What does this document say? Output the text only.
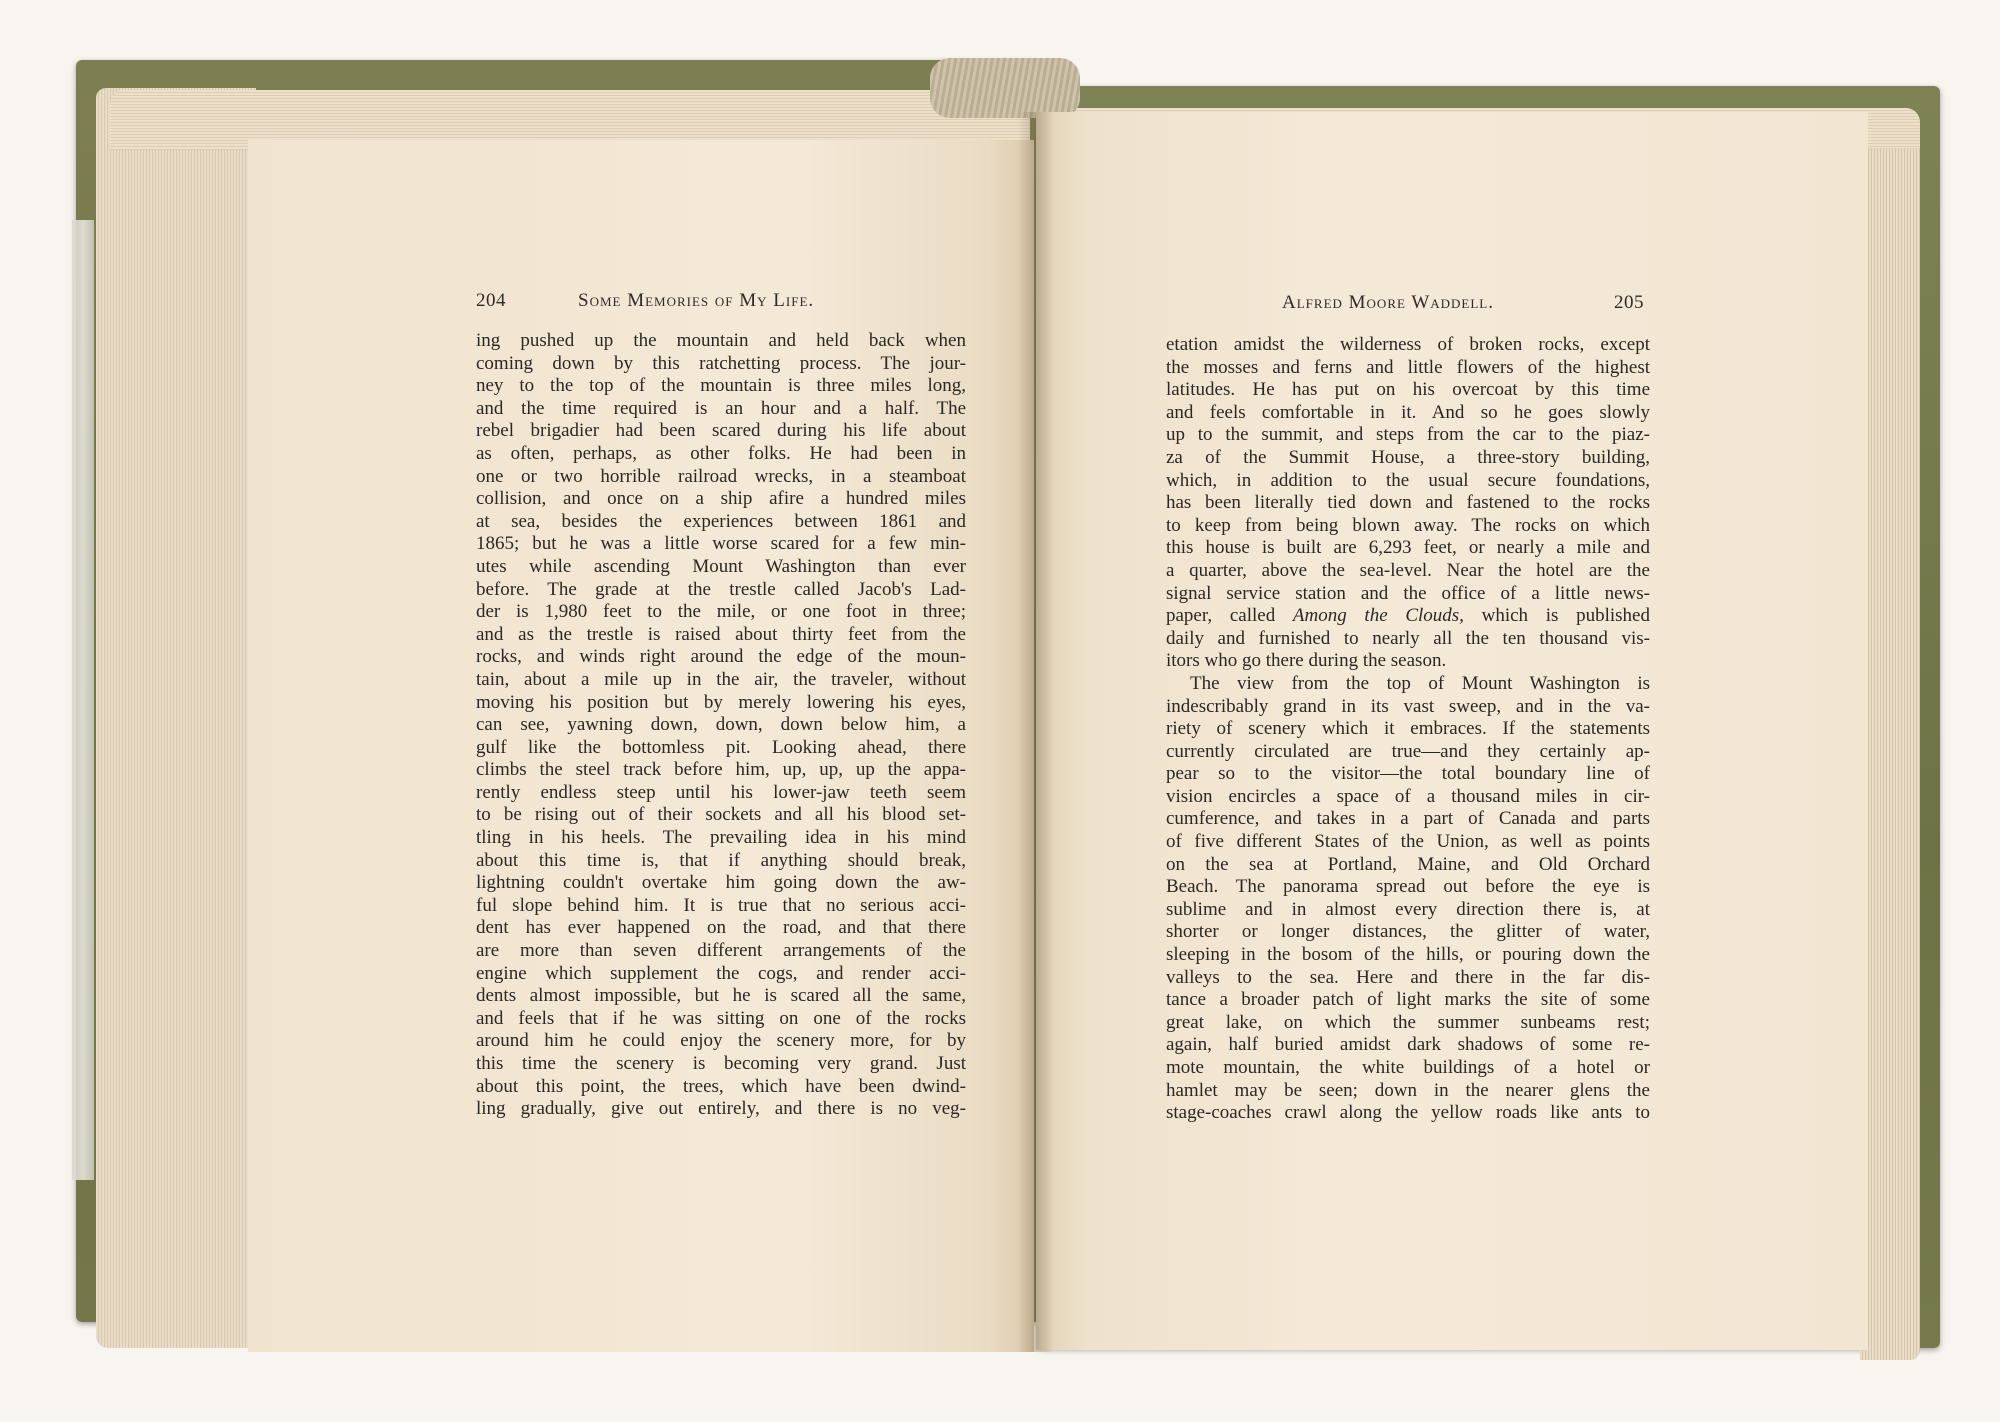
204	Some Memories of My Life.
ing pushed up the mountain and held back when
coming down by this ratchetting process. The jour-
ney to the top of the mountain is three miles long,
and the time required is an hour and a half. The
rebel brigadier had been scared during his life about
as often, perhaps, as other folks. He had been in
one or two horrible railroad wrecks, in a steamboat
collision, and once on a ship afire a hundred miles
at sea, besides the experiences between 1861 and
1865; but he was a little worse scared for a few min-
utes while ascending Mount Washington than ever
before. The grade at the trestle called Jacob's Lad-
der is 1,980 feet to the mile, or one foot in three;
and as the trestle is raised about thirty feet from the
rocks, and winds right around the edge of the moun-
tain, about a mile up in the air, the traveler, without
moving his position but by merely lowering his eyes,
can see, yawning down, down, down below him, a
gulf like the bottomless pit. Looking ahead, there
climbs the steel track before him, up, up, up the appa-
rently endless steep until his lower-jaw teeth seem
to be rising out of their sockets and all his blood set-
tling in his heels. The prevailing idea in his mind
about this time is, that if anything should break,
lightning couldn't overtake him going down the aw-
ful slope behind him. It is true that no serious acci-
dent has ever happened on the road, and that there
are more than seven different arrangements of the
engine which supplement the cogs, and render acci-
dents almost impossible, but he is scared all the same,
and feels that if he was sitting on one of the rocks
around him he could enjoy the scenery more, for by
this time the scenery is becoming very grand. Just
about this point, the trees, which have been dwind-
ling gradually, give out entirely, and there is no veg-
Alfred Moore Waddell.	205
etation amidst the wilderness of broken rocks, except
the mosses and ferns and little flowers of the highest
latitudes. He has put on his overcoat by this time
and feels comfortable in it. And so he goes slowly
up to the summit, and steps from the car to the piaz-
za of the Summit House, a three-story building,
which, in addition to the usual secure foundations,
has been literally tied down and fastened to the rocks
to keep from being blown away. The rocks on which
this house is built are 6,293 feet, or nearly a mile and
a quarter, above the sea-level. Near the hotel are the
signal service station and the office of a little news-
paper, called Among the Clouds, which is published
daily and furnished to nearly all the ten thousand vis-
itors who go there during the season.
The view from the top of Mount Washington is
indescribably grand in its vast sweep, and in the va-
riety of scenery which it embraces. If the statements
currently circulated are true—and they certainly ap-
pear so to the visitor—the total boundary line of
vision encircles a space of a thousand miles in cir-
cumference, and takes in a part of Canada and parts
of five different States of the Union, as well as points
on the sea at Portland, Maine, and Old Orchard
Beach. The panorama spread out before the eye is
sublime and in almost every direction there is, at
shorter or longer distances, the glitter of water,
sleeping in the bosom of the hills, or pouring down the
valleys to the sea. Here and there in the far dis-
tance a broader patch of light marks the site of some
great lake, on which the summer sunbeams rest;
again, half buried amidst dark shadows of some re-
mote mountain, the white buildings of a hotel or
hamlet may be seen; down in the nearer glens the
stage-coaches crawl along the yellow roads like ants to
